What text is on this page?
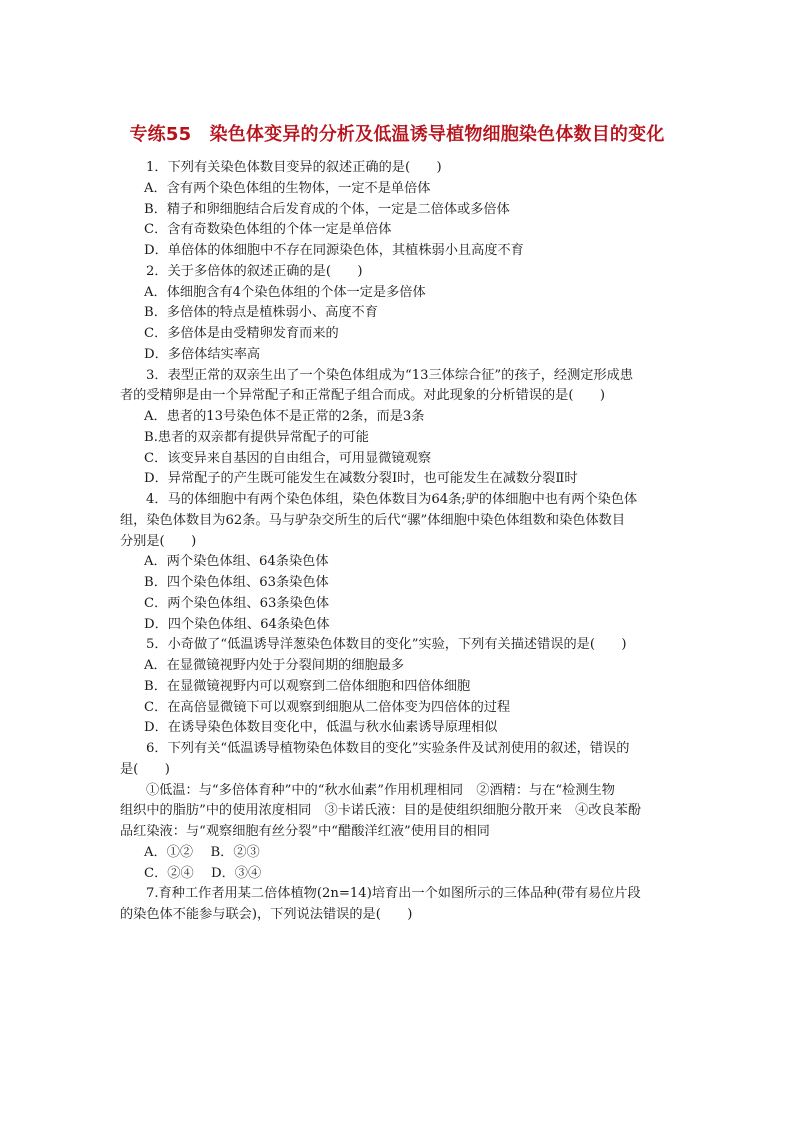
专练55　染色体变异的分析及低温诱导植物细胞染色体数目的变化
1．下列有关染色体数目变异的叙述正确的是(　　)
A．含有两个染色体组的生物体，一定不是单倍体
B．精子和卵细胞结合后发育成的个体，一定是二倍体或多倍体
C．含有奇数染色体组的个体一定是单倍体
D．单倍体的体细胞中不存在同源染色体，其植株弱小且高度不育
2．关于多倍体的叙述正确的是(　　)
A．体细胞含有4个染色体组的个体一定是多倍体
B．多倍体的特点是植株弱小、高度不育
C．多倍体是由受精卵发育而来的
D．多倍体结实率高
3．表型正常的双亲生出了一个染色体组成为“13三体综合征”的孩子，经测定形成患
者的受精卵是由一个异常配子和正常配子组合而成。对此现象的分析错误的是(　　)
A．患者的13号染色体不是正常的2条，而是3条
B.患者的双亲都有提供异常配子的可能
C．该变异来自基因的自由组合，可用显微镜观察
D．异常配子的产生既可能发生在减数分裂Ⅰ时，也可能发生在减数分裂Ⅱ时
4．马的体细胞中有两个染色体组，染色体数目为64条;驴的体细胞中也有两个染色体
组，染色体数目为62条。马与驴杂交所生的后代“骡”体细胞中染色体组数和染色体数目
分别是(　　)
A．两个染色体组、64条染色体
B．四个染色体组、63条染色体
C．两个染色体组、63条染色体
D．四个染色体组、64条染色体
5．小奇做了“低温诱导洋葱染色体数目的变化”实验，下列有关描述错误的是(　　)
A．在显微镜视野内处于分裂间期的细胞最多
B．在显微镜视野内可以观察到二倍体细胞和四倍体细胞
C．在高倍显微镜下可以观察到细胞从二倍体变为四倍体的过程
D．在诱导染色体数目变化中，低温与秋水仙素诱导原理相似
6．下列有关“低温诱导植物染色体数目的变化”实验条件及试剂使用的叙述，错误的
是(　　)
①低温：与“多倍体育种”中的“秋水仙素”作用机理相同　②酒精：与在“检测生物
组织中的脂肪”中的使用浓度相同　③卡诺氏液：目的是使组织细胞分散开来　④改良苯酚
品红染液：与“观察细胞有丝分裂”中“醋酸洋红液”使用目的相同
A．①②　 B．②③
C．②④　 D．③④
7.育种工作者用某二倍体植物(2n=14)培育出一个如图所示的三体品种(带有易位片段
的染色体不能参与联会)，下列说法错误的是(　　)
